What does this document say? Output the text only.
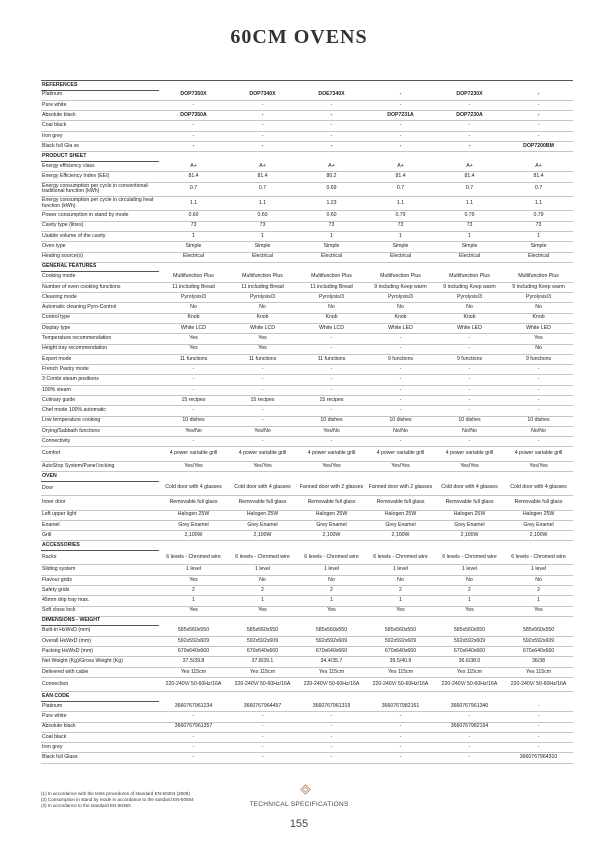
60CM OVENS
REFERENCES						
Platinum	DOP7350X	DOP7340X	DOE7340X	-	DOP7230X	-
Pure white	-	-	-	-	-	-
Absolute black	DOP7350A	-	-	DOP7231A	DOP7230A	-
Coal black	-	-	-	-	-	-
Iron grey	-	-	-	-	-	-
Black full Gla ss	-	-	-	-	-	DOP7200BM
PRODUCT SHEET						
Energy efficiency class	A+	A+	A+	A+	A+	A+
Energy Efficiency Index (EEI)	81.4	81.4	80.2	81.4	81.4	81.4
Energy consumption per cycle in conventional-traditional function (kWh)	0.7	0.7	0.69	0.7	0.7	0.7
Energy consumption per cycle in circulating heat function (kWh)	1.1	1.1	1.23	1.1	1.1	1.1
Power consumption in stand by mode	0.60	0.60	0.60	0.79	0.79	0.79
Cavity type (litres)	73	73	73	73	73	73
Usable volume of the cavity	1	1	1	1	1	1
Oven type	Simple	Simple	Simple	Simple	Simple	Simple
Heating source(s)	Electrical	Electrical	Electrical	Electrical	Electrical	Electrical
GENERAL FEATURES						
Cooking mode	Multifunction Plus	Multifunction Plus	Multifunction Plus	Multifunction Plus	Multifunction Plus	Multifunction Plus
Number of oven cooking functions	11 including Bread	11 including Bread	11 including Bread	9 including Keep warm	9 including Keep warm	9 including Keep warm
Cleaning mode	Pyrolysis/3	Pyrolysis/3	Pyrolysis/3	Pyrolysis/3	Pyrolysis/3	Pyrolysis/3
Automatic cleaning Pyro-Control	No	No	No	No	No	No
Control type	Knob	Knob	Knob	Knob	Knob	Knob
Display type	White LCD	White LCD	White LCD	White LED	White LED	White LED
Temperature recommendation	Yes	Yes	-	-	-	Yes
Height tray recommendation	Yes	Yes	-	-	-	No
Expert mode	11 functions	11 functions	11 functions	9 functions	9 functions	9 functions
French Pastry mode	-	-	-	-	-	-
3 Combi steam positions	-	-	-	-	-	-
100% steam	-	-	-	-	-	-
Culinary guide	15 recipes	15 recipes	15 recipes	-	-	-
Chef mode 100% automatic	-	-	-	-	-	-
Low temperature cooking	10 dishes	-	10 dishes	10 dishes	10 dishes	10 dishes
Drying/Sabbath functions	Yes/No	Yes/No	Yes/No	No/No	No/No	No/No
Connectivity	-	-	-	-	-	-
Comfort	4 power variable grill	4 power variable grill	4 power variable grill	4 power variable grill	4 power variable grill	4 power variable grill
AutoStop System/Panel locking	Yes/Yes	Yes/Yes	Yes/Yes	Yes/Yes	Yes/Yes	Yes/Yes
OVEN						
Door	Cold door with 4 glasses	Cold door with 4 glasses	Fanned door with 2 glasses	Fanned door with 2 glasses	Cold door with 4 glasses	Cold door with 4 glasses
Inner door	Removable full glass	Removable full glass	Removable full glass	Removable full glass	Removable full glass	Removable full glass
Left upper light	Halogen 25W	Halogen 25W	Halogen 25W	Halogen 25W	Halogen 25W	Halogen 25W
Enamel	Grey Enamel	Grey Enamel	Grey Enamel	Grey Enamel	Grey Enamel	Grey Enamel
Grill	2,100W	2,100W	2,100W	2,100W	2,100W	2,100W
ACCESSORIES						
Racks	6 levels - Chromed wire	6 levels - Chromed wire	6 levels - Chromed wire	6 levels - Chromed wire	6 levels - Chromed wire	6 levels - Chromed wire
Sliding system	1 level	1 level	1 level	1 level	1 level	1 level
Flavour grids	Yes	No	No	No	No	No
Safety grids	2	2	2	2	2	2
45mm drip tray max.	1	1	1	1	1	1
Soft close lock	Yes	Yes	Yes	Yes	Yes	Yes
DIMENSIONS - WEIGHT						
Built-in HxWxD (mm)	585x560x550	585x560x550	585x560x550	585x560x550	585x560x550	585x560x550
Overall HxWxD (mm)	592x592x609	592x592x609	592x592x609	592x592x609	592x592x609	592x592x609
Packing HxWxD (mm)	670x640x660	670x640x660	670x640x660	670x640x660	670x640x660	670x640x660
Net Weight (Kg)/Gross Weight (Kg)	37.5/39.8	37.8/39.1	34.4/35.7	39.5/40.9	36.6/38.0	36/38
Delivered with cabie	Yes 115cm	Yes 115cm	Yes 115cm	Yes 115cm	Yes 115cm	Yes 115cm
Connection	220-240V/ 50-60Hz/16A	220-240V/ 50-60Hz/16A	220-240V/ 50-60Hz/16A	220-240V/ 50-60Hz/16A	220-240V/ 50-60Hz/16A	220-240V/ 50-60Hz/16A
EAN CODE						
Platinum	3660767961234	3660767964457	3660767961319	3660767982161	3660767961340	-
Pure white	-	-	-	-	-	-
Absolute black	3660767961357	-	-	-	3660767982154	-
Coal black	-	-	-	-	-	-
Iron grey	-	-	-	-	-	-
Black full Glass	-	-	-	-	-	3660767964310
(1) In accordance with the tests procedures of standard EN-50304 (2009)
(2) Consumption in stand by mode in accordance to the sandard EN-50564
(3) In accordance to the standard EN-60350	TECHNICAL SPECIFICATIONS
155
